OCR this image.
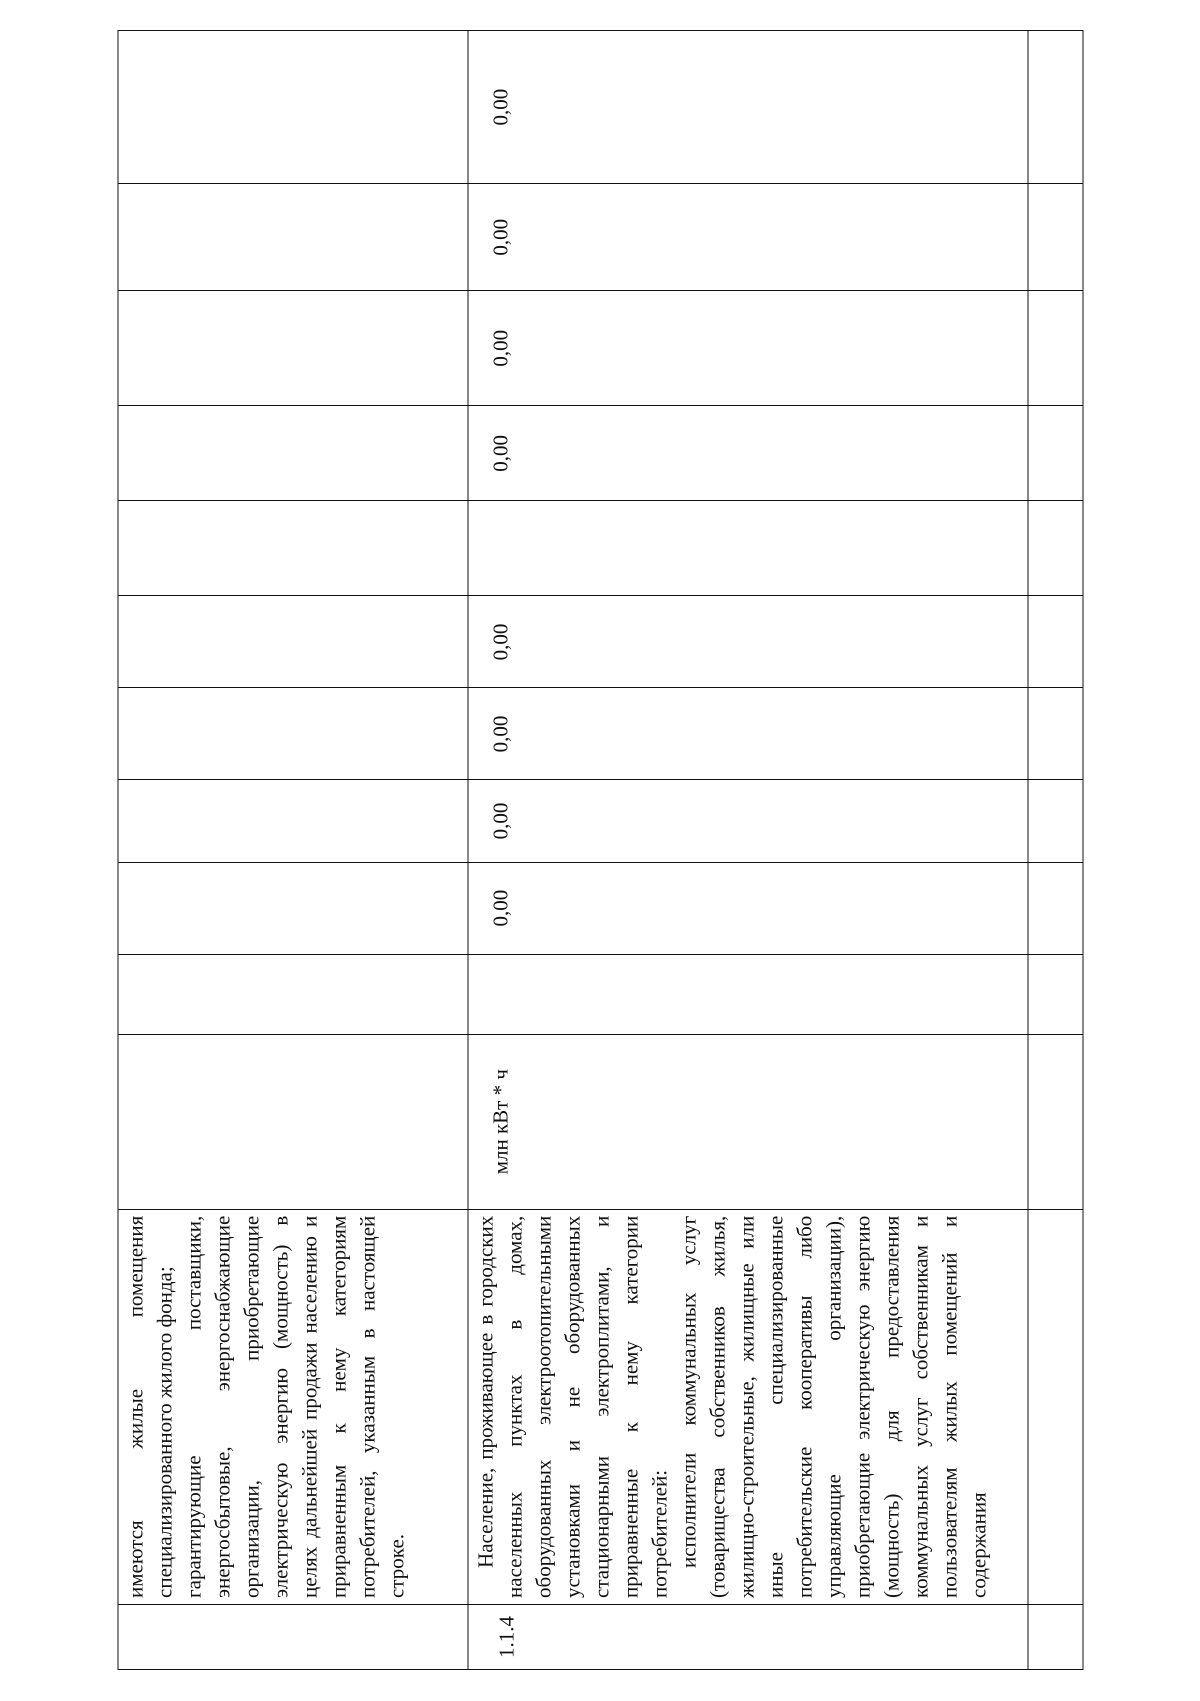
	имеются жилые помещения специализированного жилого фонда; гарантирующие поставщики, энергосбытовые, энергоснабжающие организации, приобретающие электрическую энергию (мощность) в целях дальнейшей продажи населению и приравненным к нему категориям потребителей, указанным в настоящей строке.											

1.1.4	Население, проживающее в городских населенных пунктах в домах, оборудованных электроотопительными установками и не оборудованных стационарными электроплитами, и приравненные к нему категории потребителей: исполнители коммунальных услуг (товарищества собственников жилья, жилищно-строительные, жилищные или иные специализированные потребительские кооперативы либо управляющие организации), приобретающие электрическую энергию (мощность) для предоставления коммунальных услуг собственникам и пользователям жилых помещений и содержания	млн кВт * ч		0,00	0,00	0,00	0,00		0,00	0,00	0,00	0,00
